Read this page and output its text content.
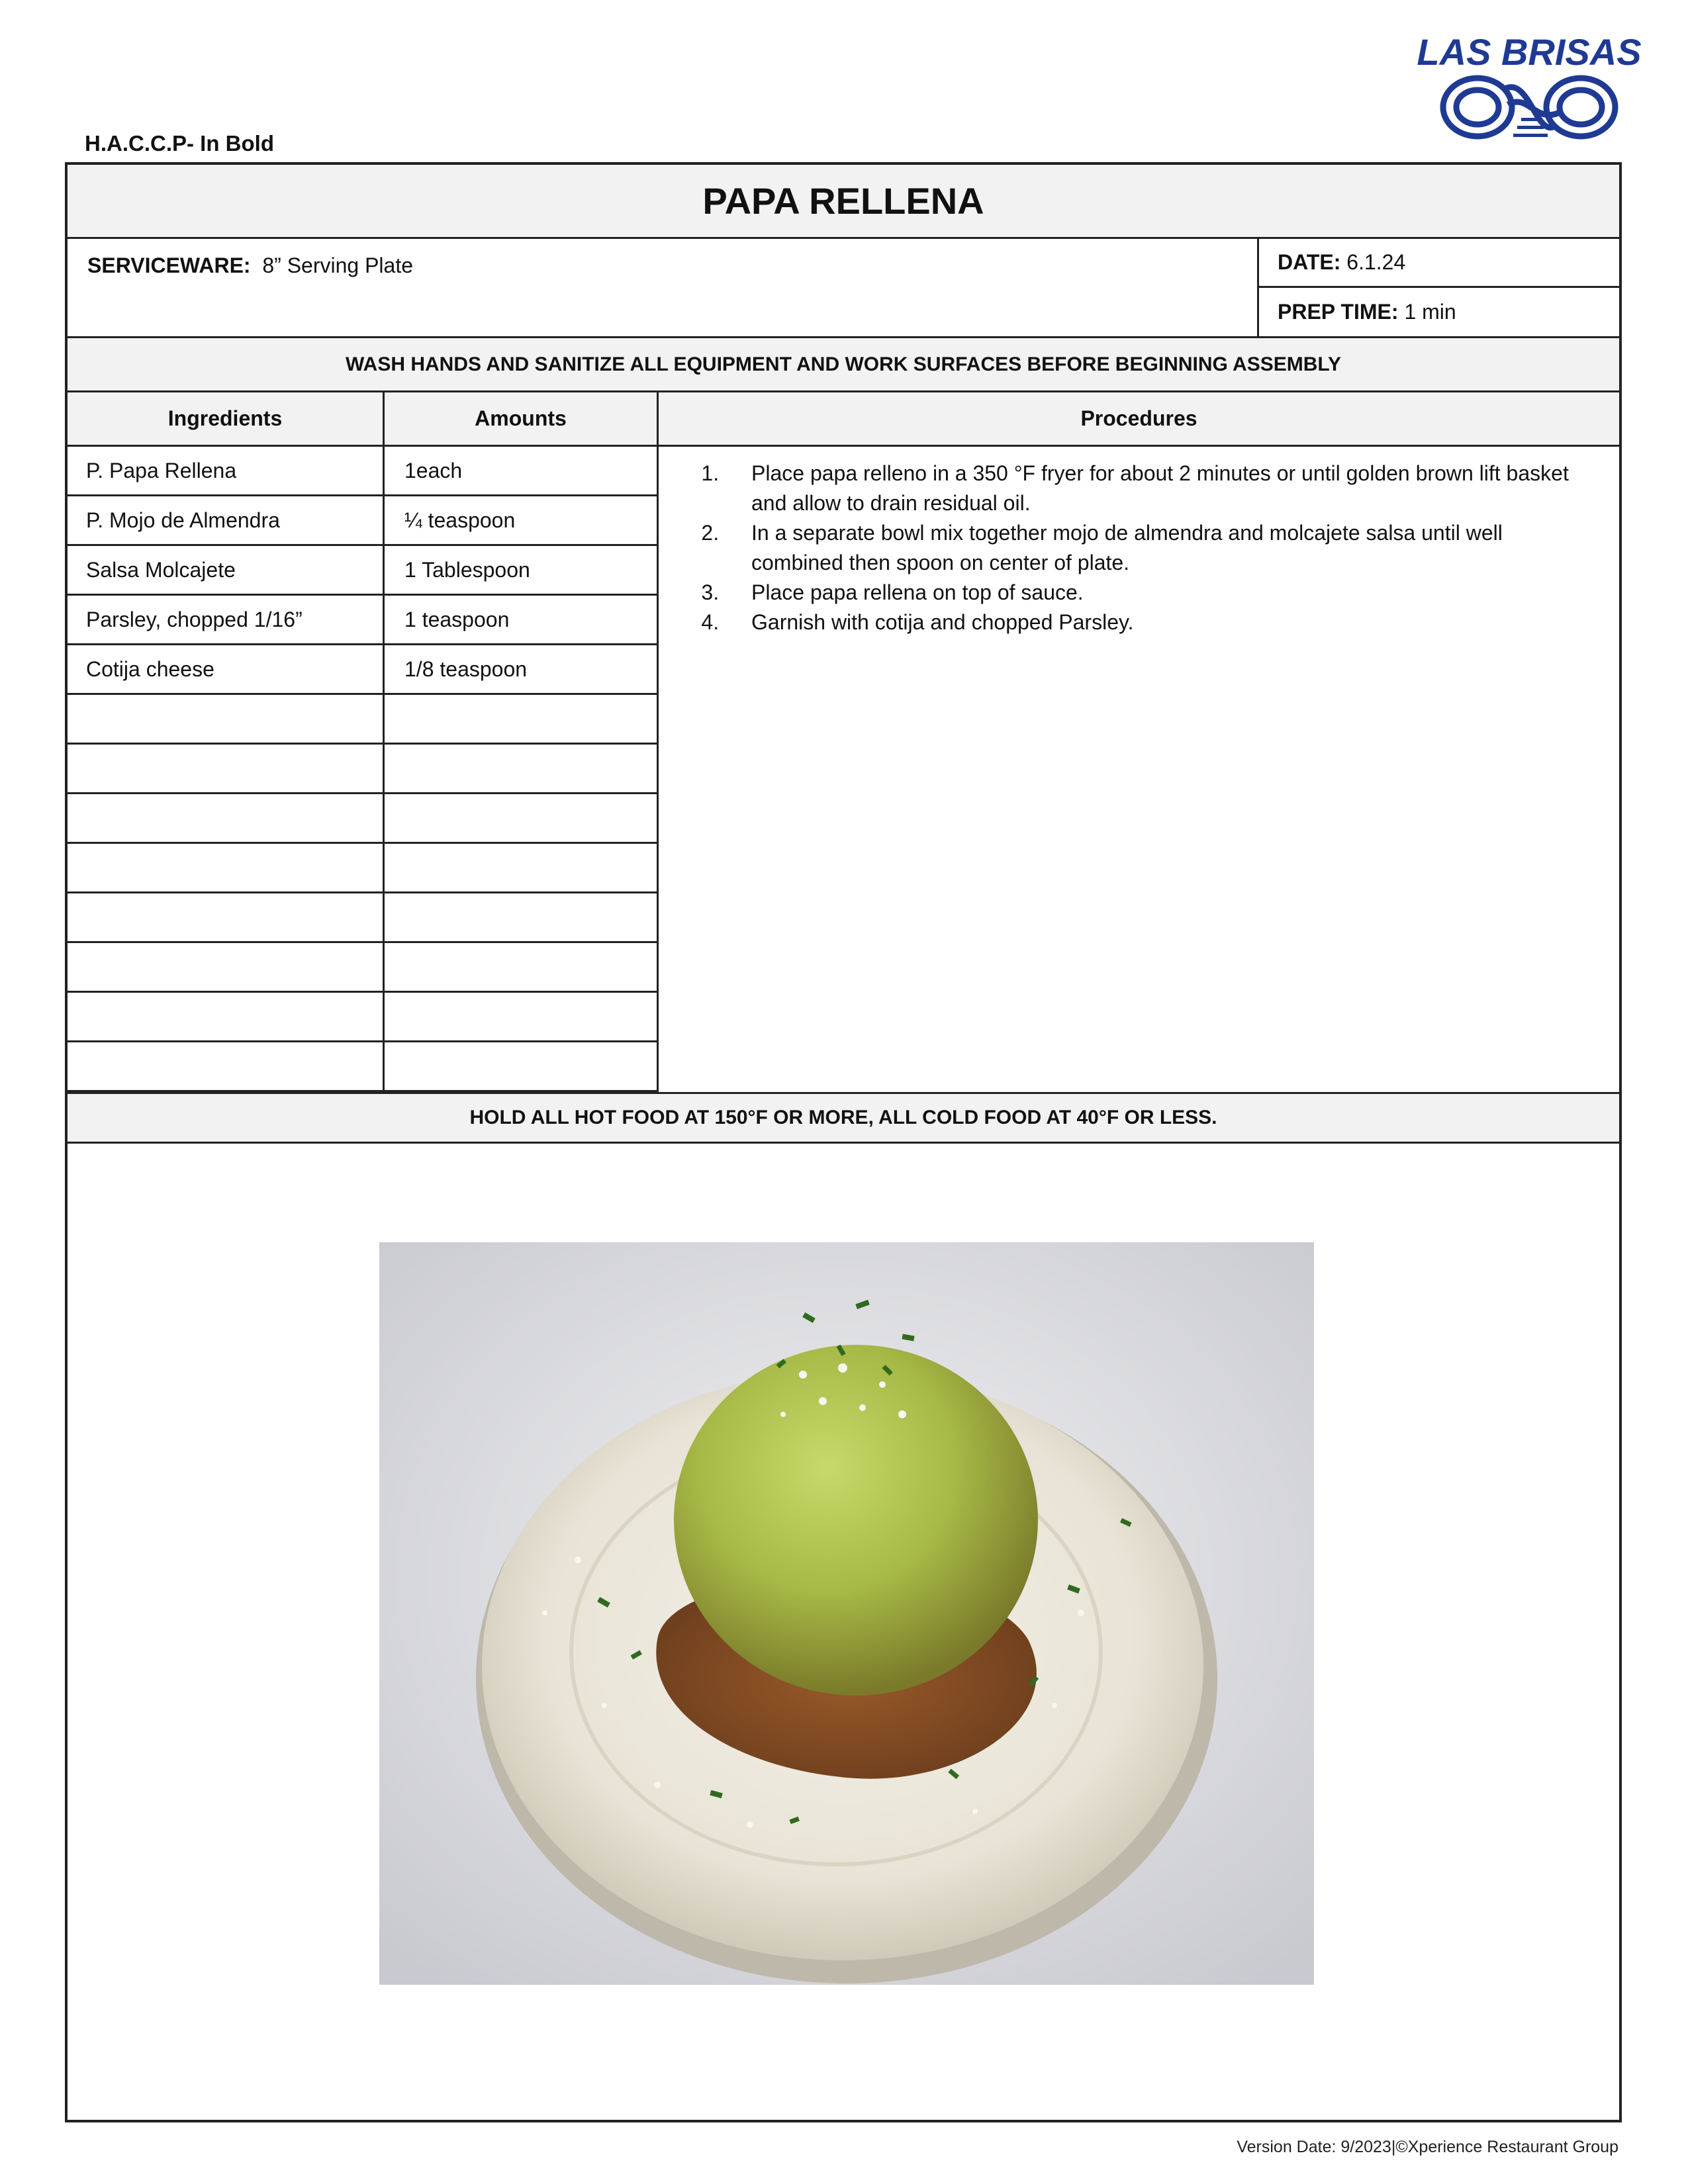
LAS BRISAS
H.A.C.C.P- In Bold
PAPA RELLENA
SERVICEWARE: 8” Serving Plate	DATE:
6.1.24
PREP TIME:
1 min
WASH HANDS AND SANITIZE ALL EQUIPMENT AND WORK SURFACES BEFORE BEGINNING ASSEMBLY
Ingredients	Amounts	Procedures
P. Papa Rellena	1each
P. Mojo de Almendra	¼ teaspoon
Salsa Molcajete	1 Tablespoon
Parsley, chopped 1/16”	1 teaspoon
Cotija cheese	1/8 teaspoon
1. Place papa relleno in a 350 °F fryer for about 2 minutes or until golden brown lift basket and allow to drain residual oil.
2. In a separate bowl mix together mojo de almendra and molcajete salsa until well combined then spoon on center of plate.
3. Place papa rellena on top of sauce.
4. Garnish with cotija and chopped Parsley.
HOLD ALL HOT FOOD AT 150°F OR MORE, ALL COLD FOOD AT 40°F OR LESS.
Version Date: 9/2023|©Xperience Restaurant Group
